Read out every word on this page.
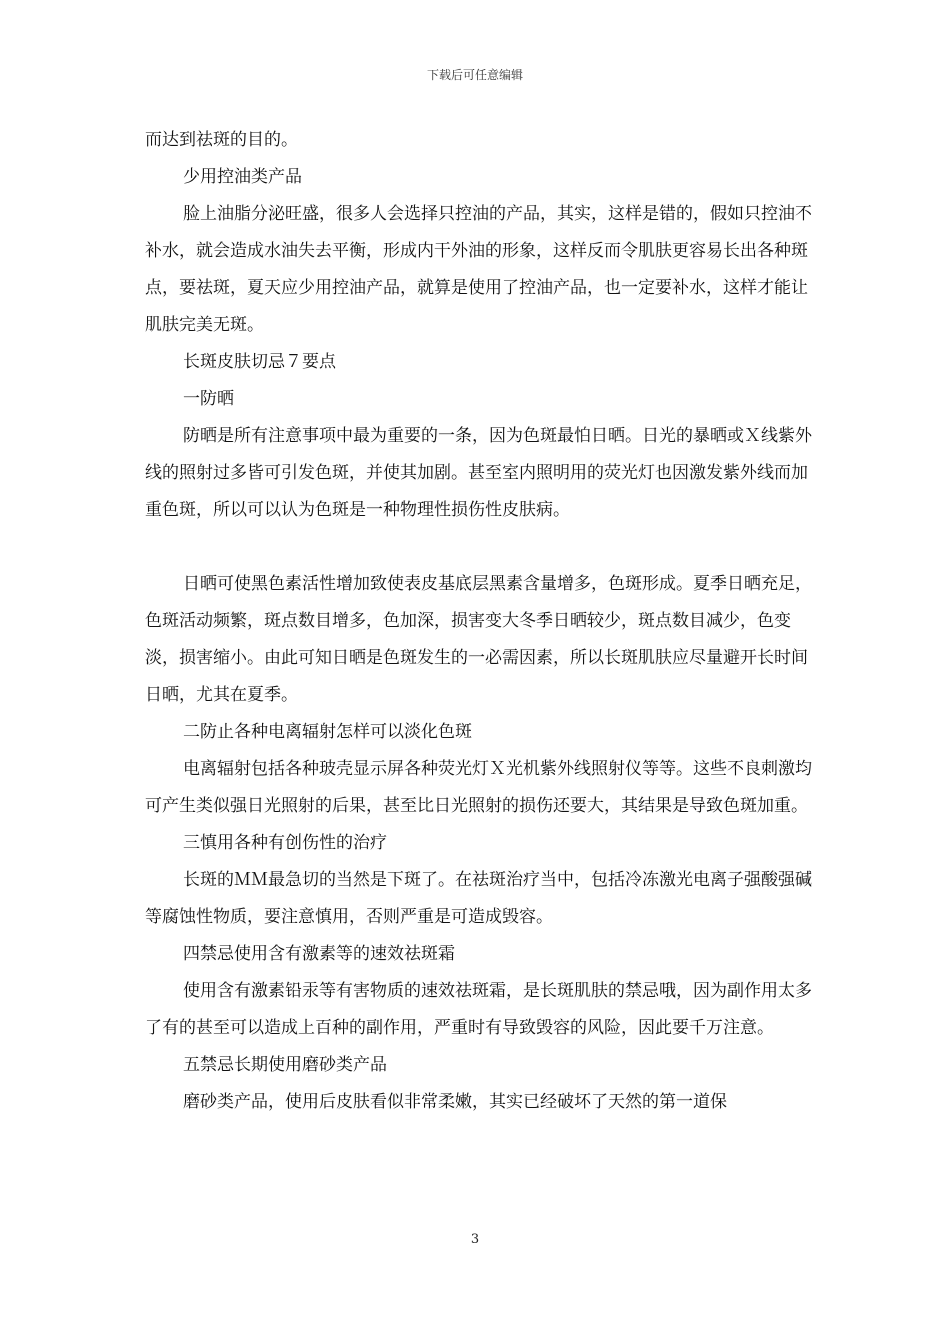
下载后可任意编辑

而达到祛斑的目的。

少用控油类产品

脸上油脂分泌旺盛，很多人会选择只控油的产品，其实，这样是错的，假如只控油不补水，就会造成水油失去平衡，形成内干外油的形象，这样反而令肌肤更容易长出各种斑点，要祛斑，夏天应少用控油产品，就算是使用了控油产品，也一定要补水，这样才能让肌肤完美无斑。

长斑皮肤切忌７要点

一防晒

防晒是所有注意事项中最为重要的一条，因为色斑最怕日晒。日光的暴晒或Ｘ线紫外线的照射过多皆可引发色斑，并使其加剧。甚至室内照明用的荧光灯也因激发紫外线而加重色斑，所以可以认为色斑是一种物理性损伤性皮肤病。

日晒可使黑色素活性增加致使表皮基底层黑素含量增多，色斑形成。夏季日晒充足，色斑活动频繁，斑点数目增多，色加深，损害变大冬季日晒较少，斑点数目减少，色变淡，损害缩小。由此可知日晒是色斑发生的一必需因素，所以长斑肌肤应尽量避开长时间日晒，尤其在夏季。

二防止各种电离辐射怎样可以淡化色斑

电离辐射包括各种玻壳显示屏各种荧光灯Ｘ光机紫外线照射仪等等。这些不良刺激均可产生类似强日光照射的后果，甚至比日光照射的损伤还要大，其结果是导致色斑加重。

三慎用各种有创伤性的治疗

长斑的ＭＭ最急切的当然是下斑了。在祛斑治疗当中，包括冷冻激光电离子强酸强碱等腐蚀性物质，要注意慎用，否则严重是可造成毁容。

四禁忌使用含有激素等的速效祛斑霜

使用含有激素铅汞等有害物质的速效祛斑霜，是长斑肌肤的禁忌哦，因为副作用太多了有的甚至可以造成上百种的副作用，严重时有导致毁容的风险，因此要千万注意。

五禁忌长期使用磨砂类产品

磨砂类产品，使用后皮肤看似非常柔嫩，其实已经破坏了天然的第一道保

3
